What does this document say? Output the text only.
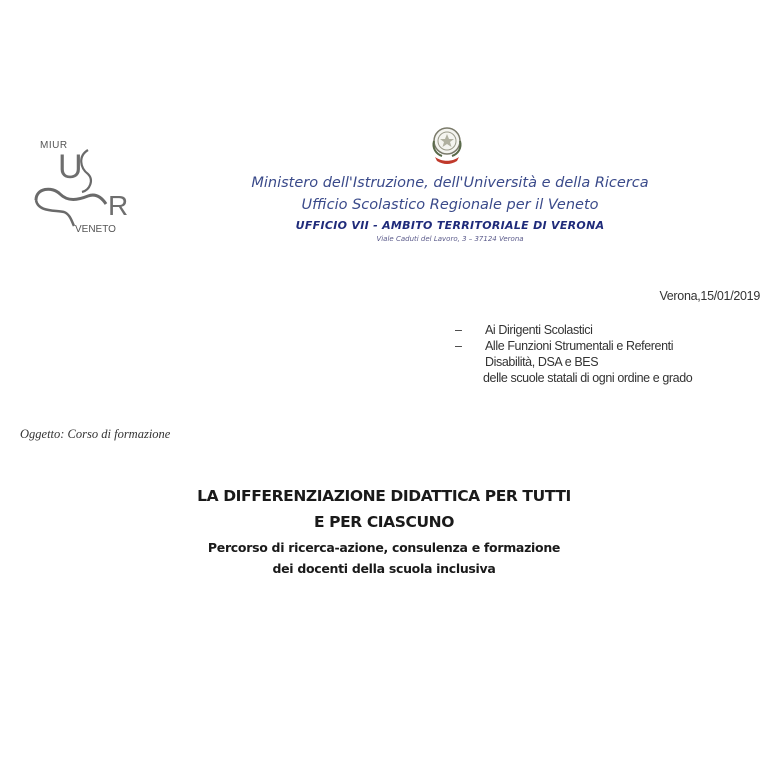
MIUR
U
R
VENETO
Ministero dell'Istruzione, dell'Università e della Ricerca
Ufficio Scolastico Regionale per il Veneto
UFFICIO VII - AMBITO TERRITORIALE DI VERONA
Viale Caduti del Lavoro, 3 – 37124 Verona
Verona,15/01/2019
– Ai Dirigenti Scolastici
– Alle Funzioni Strumentali e Referenti
Disabilità, DSA e BES
delle scuole statali di ogni ordine e grado
Oggetto: Corso di formazione
LA DIFFERENZIAZIONE DIDATTICA PER TUTTI
E PER CIASCUNO
Percorso di ricerca-azione, consulenza e formazione
dei docenti della scuola inclusiva
